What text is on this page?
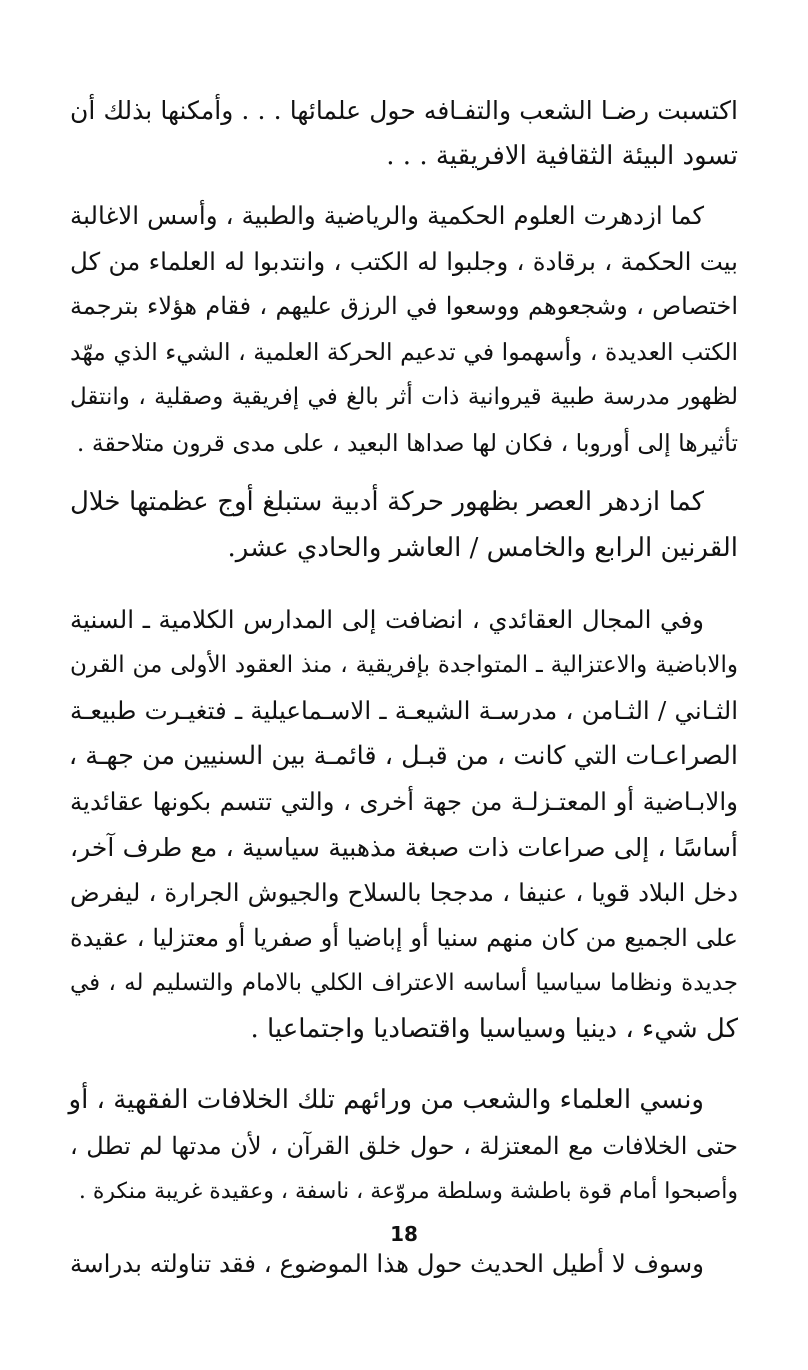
اكتسبت رضـا الشعب والتفـافه حول علمائها . . . وأمكنها بذلك أن
تسود البيئة الثقافية الافريقية . . .

كما ازدهرت العلوم الحكمية والرياضية والطبية ، وأسس الاغالبة
بيت الحكمة ، برقادة ، وجلبوا له الكتب ، وانتدبوا له العلماء من كل
اختصاص ، وشجعوهم ووسعوا في الرزق عليهم ، فقام هؤلاء بترجمة
الكتب العديدة ، وأسهموا في تدعيم الحركة العلمية ، الشيء الذي مهّد
لظهور مدرسة طبية قيروانية ذات أثر بالغ في إفريقية وصقلية ، وانتقل
تأثيرها إلى أوروبا ، فكان لها صداها البعيد ، على مدى قرون متلاحقة .

كما ازدهر العصر بظهور حركة أدبية ستبلغ أوج عظمتها خلال
القرنين الرابع والخامس / العاشر والحادي عشر.

وفي المجال العقائدي ، انضافت إلى المدارس الكلامية ـ السنية
والاباضية والاعتزالية ـ المتواجدة بإفريقية ، منذ العقود الأولى من القرن
الثـاني / الثـامن ، مدرسـة الشيعـة ـ الاسـماعيلية ـ فتغيـرت طبيعـة
الصراعـات التي كانت ، من قبـل ، قائمـة بين السنيين من جهـة ،
والابـاضية أو المعتـزلـة من جهة أخرى ، والتي تتسم بكونها عقائدية
أساسًا ، إلى صراعات ذات صبغة مذهبية سياسية ، مع طرف آخر،
دخل البلاد قويا ، عنيفا ، مدججا بالسلاح والجيوش الجرارة ، ليفرض
على الجميع من كان منهم سنيا أو إباضيا أو صفريا أو معتزليا ، عقيدة
جديدة ونظاما سياسيا أساسه الاعتراف الكلي بالامام والتسليم له ، في
كل شيء ، دينيا وسياسيا واقتصاديا واجتماعيا .

ونسي العلماء والشعب من ورائهم تلك الخلافات الفقهية ، أو
حتى الخلافات مع المعتزلة ، حول خلق القرآن ، لأن مدتها لم تطل ،
وأصبحوا أمام قوة باطشة وسلطة مروّعة ، ناسفة ، وعقيدة غريبة منكرة .

وسوف لا أطيل الحديث حول هذا الموضوع ، فقد تناولته بدراسة

18
